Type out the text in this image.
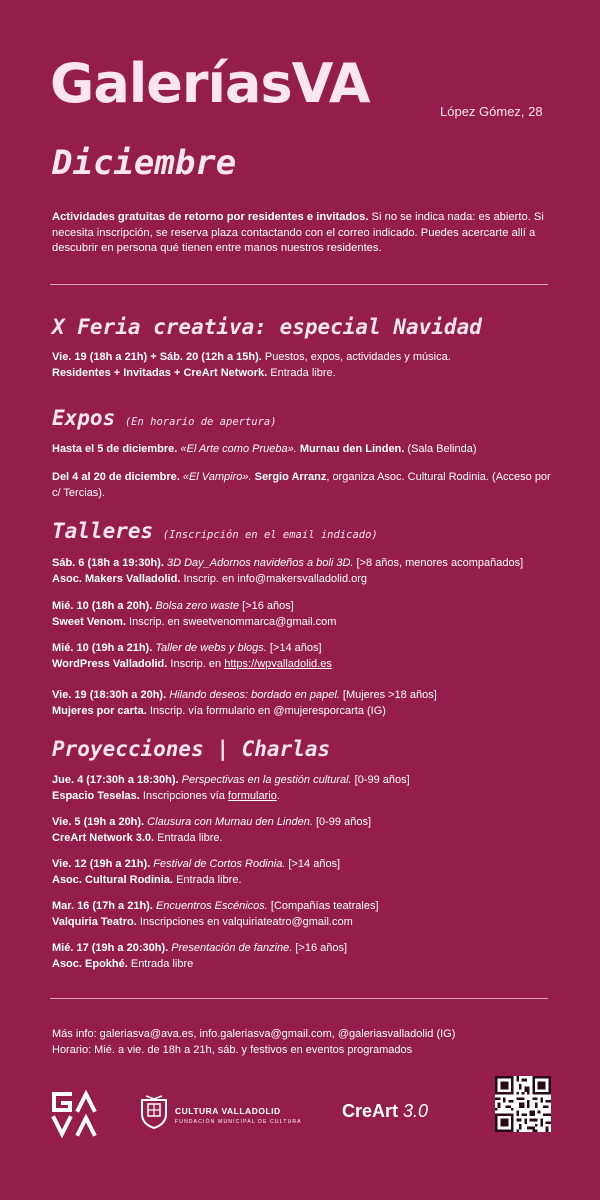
GaleríasVA	López Gómez, 28
Diciembre
Actividades gratuitas de retorno por residentes e invitados. Si no se indica nada: es abierto. Si necesita inscripción, se reserva plaza contactando con el correo indicado. Puedes acercarte allí a descubrir en persona qué tienen entre manos nuestros residentes.
X Feria creativa: especial Navidad
Vie. 19 (18h a 21h) + Sáb. 20 (12h a 15h). Puestos, expos, actividades y música.
Residentes + Invitadas + CreArt Network. Entrada libre.
Expos (En horario de apertura)
Hasta el 5 de diciembre. «El Arte como Prueba». Murnau den Linden. (Sala Belinda)
Del 4 al 20 de diciembre. «El Vampiro». Sergio Arranz, organiza Asoc. Cultural Rodinia. (Acceso por c/ Tercias).
Talleres (Inscripción en el email indicado)
Sáb. 6 (18h a 19:30h). 3D Day_Adornos navideños a boli 3D. [>8 años, menores acompañados]
Asoc. Makers Valladolid. Inscrip. en info@makersvalladolid.org
Mié. 10 (18h a 20h). Bolsa zero waste [>16 años]
Sweet Venom. Inscrip. en sweetvenommarca@gmail.com
Mié. 10 (19h a 21h). Taller de webs y blogs. [>14 años]
WordPress Valladolid. Inscrip. en https://wpvalladolid.es
Vie. 19 (18:30h a 20h). Hilando deseos: bordado en papel. [Mujeres >18 años]
Mujeres por carta. Inscrip. vía formulario en @mujeresporcarta (IG)
Proyecciones | Charlas
Jue. 4 (17:30h a 18:30h). Perspectivas en la gestión cultural. [0-99 años]
Espacio Teselas. Inscripciones vía formulario.
Vie. 5 (19h a 20h). Clausura con Murnau den Linden. [0-99 años]
CreArt Network 3.0. Entrada libre.
Vie. 12 (19h a 21h). Festival de Cortos Rodinia. [>14 años]
Asoc. Cultural Rodinia. Entrada libre.
Mar. 16 (17h a 21h). Encuentros Escénicos. [Compañías teatrales]
Valquiria Teatro. Inscripciones en valquiriateatro@gmail.com
Mié. 17 (19h a 20:30h). Presentación de fanzine. [>16 años]
Asoc. Epokhé. Entrada libre
Más info: galeriasva@ava.es, info.galeriasva@gmail.com, @galeriasvalladolid (IG)
Horario: Mié. a vie. de 18h a 21h, sáb. y festivos en eventos programados
CULTURA VALLADOLID
FUNDACIÓN MUNICIPAL DE CULTURA
CreArt 3.0
